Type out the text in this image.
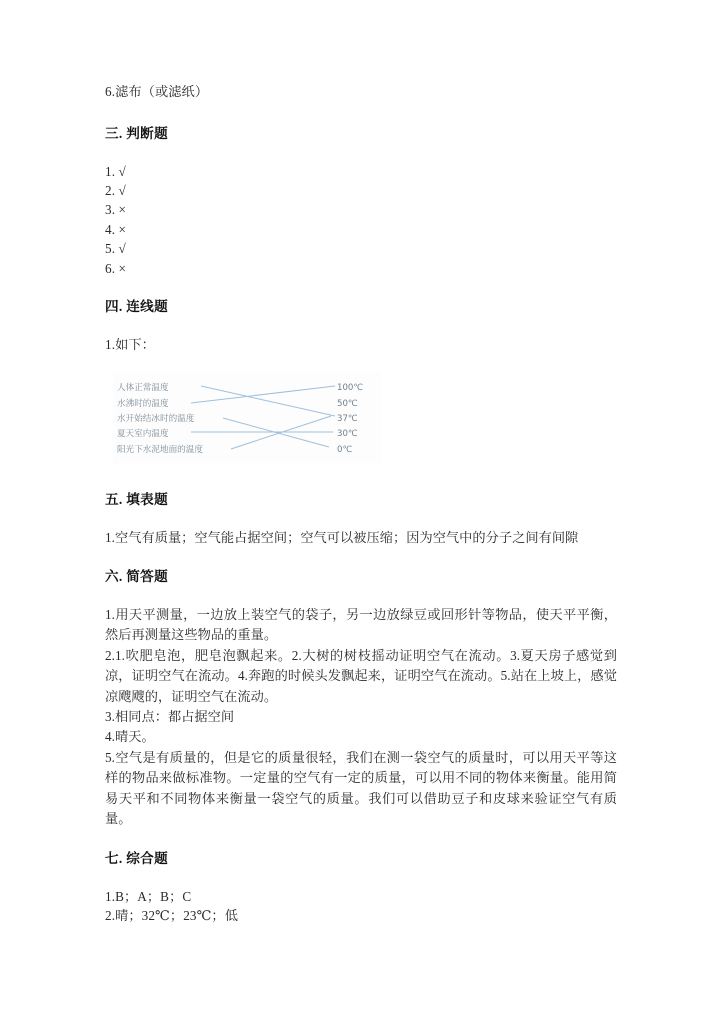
6.滤布（或滤纸）
三. 判断题
1. √
2. √
3. ×
4. ×
5. √
6. ×
四. 连线题
1.如下：
人体正常温度
水沸时的温度
水开始结冰时的温度
夏天室内温度
阳光下水泥地面的温度
100℃
50℃
37℃
30℃
0℃
五. 填表题

1.空气有质量；空气能占据空间；空气可以被压缩；因为空气中的分子之间有间隙

六. 简答题

1.用天平测量，一边放上装空气的袋子，另一边放绿豆或回形针等物品，使天平平衡，然后再测量这些物品的重量。

2.1.吹肥皂泡，肥皂泡飘起来。2.大树的树枝摇动证明空气在流动。3.夏天房子感觉到凉，证明空气在流动。4.奔跑的时候头发飘起来，证明空气在流动。5.站在上坡上，感觉凉飕飕的，证明空气在流动。

3.相同点：都占据空间

4.晴天。

5.空气是有质量的，但是它的质量很轻，我们在测一袋空气的质量时，可以用天平等这样的物品来做标准物。一定量的空气有一定的质量，可以用不同的物体来衡量。能用简易天平和不同物体来衡量一袋空气的质量。我们可以借助豆子和皮球来验证空气有质量。

七. 综合题
1.B；A；B；C
2.晴；32℃；23℃；低
